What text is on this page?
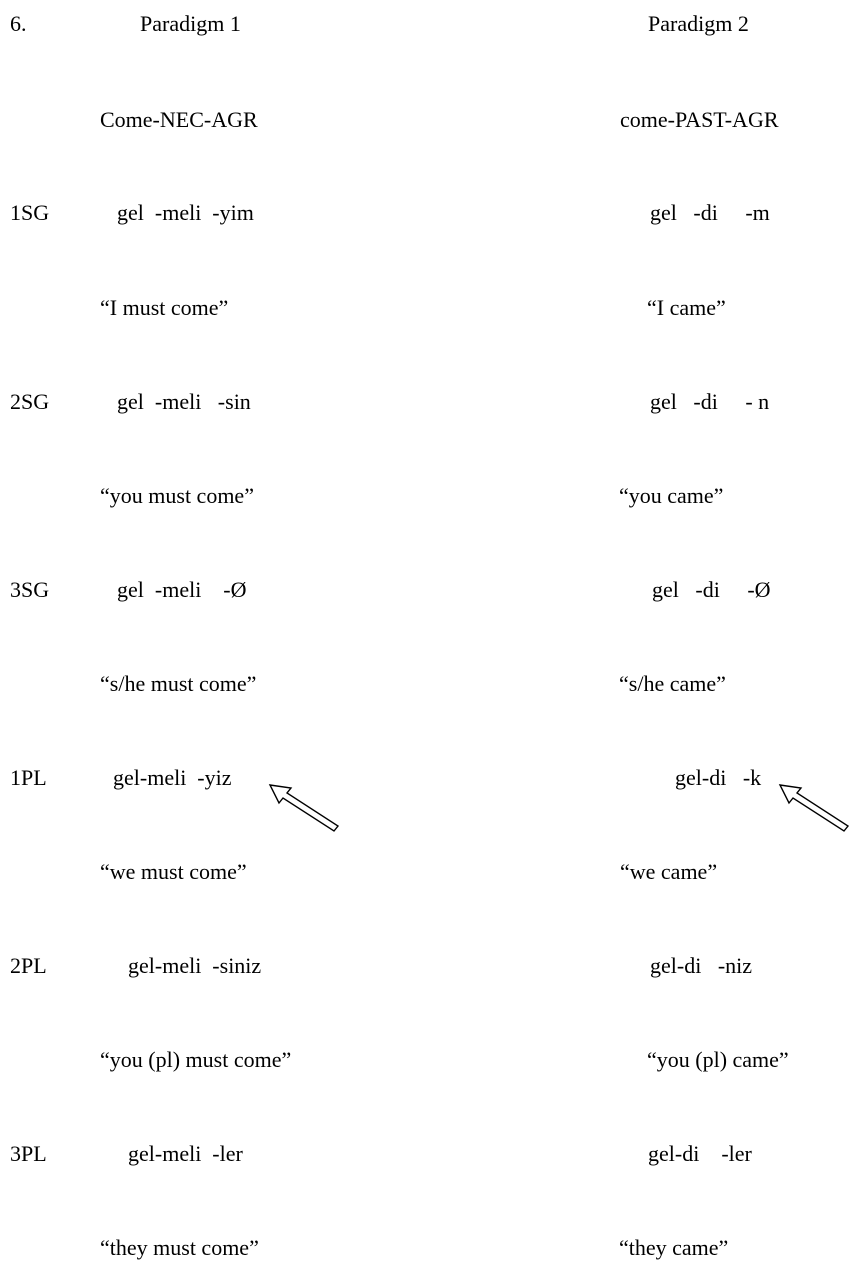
6.	Paradigm 1	Paradigm 2
Come-NEC-AGR	come-PAST-AGR
1SG	gel  -meli  -yim	gel   -di     -m
“I must come”	“I came”
2SG	gel  -meli   -sin	gel   -di     - n
“you must come”	“you came”
3SG	gel  -meli    -Ø	gel   -di     -Ø
“s/he must come”	“s/he came”
1PL	gel-meli  -yiz	gel-di   -k
“we must come”	“we came”
2PL	gel-meli  -siniz	gel-di   -niz
“you (pl) must come”	“you (pl) came”
3PL	gel-meli  -ler	gel-di    -ler
“they must come”	“they came”
